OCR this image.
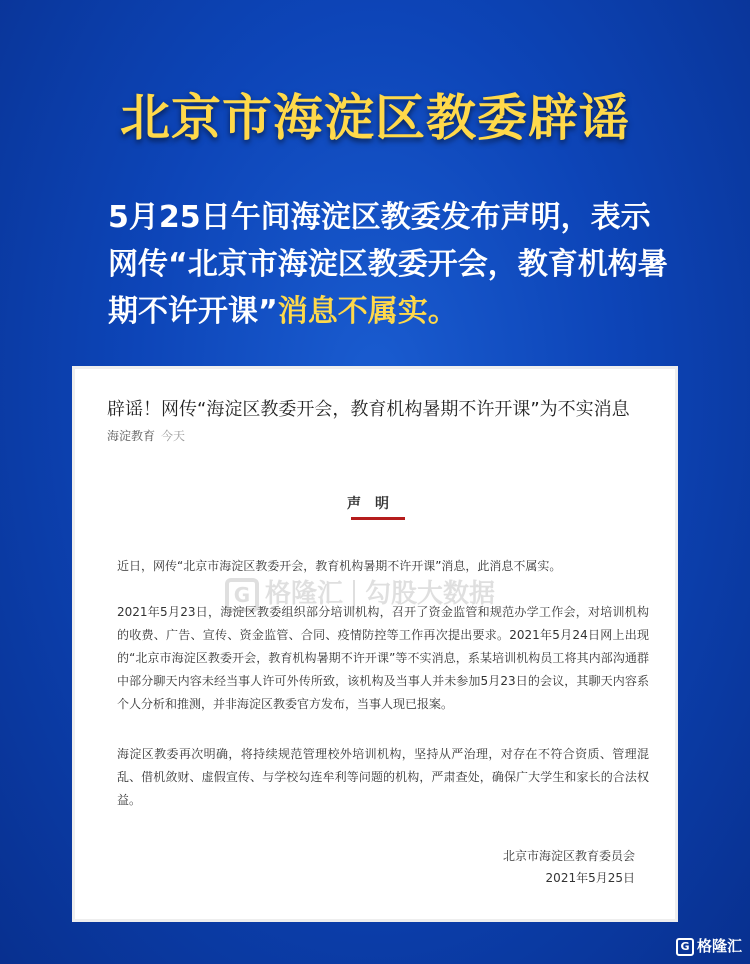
北京市海淀区教委辟谣
5月25日午间海淀区教委发布声明，表示网传“北京市海淀区教委开会，教育机构暑期不许开课”消息不属实。
辟谣！网传“海淀区教委开会，教育机构暑期不许开课”为不实消息
海淀教育 今天
声明
G 格隆汇 勾股大数据
近日，网传“北京市海淀区教委开会，教育机构暑期不许开课”消息，此消息不属实。
2021年5月23日，海淀区教委组织部分培训机构，召开了资金监管和规范办学工作会，对培训机构的收费、广告、宣传、资金监管、合同、疫情防控等工作再次提出要求。2021年5月24日网上出现的“北京市海淀区教委开会，教育机构暑期不许开课”等不实消息，系某培训机构员工将其内部沟通群中部分聊天内容未经当事人许可外传所致，该机构及当事人并未参加5月23日的会议，其聊天内容系个人分析和推测，并非海淀区教委官方发布，当事人现已报案。
海淀区教委再次明确，将持续规范管理校外培训机构，坚持从严治理，对存在不符合资质、管理混乱、借机敛财、虚假宣传、与学校勾连牟利等问题的机构，严肃查处，确保广大学生和家长的合法权益。
北京市海淀区教育委员会
2021年5月25日
G 格隆汇
